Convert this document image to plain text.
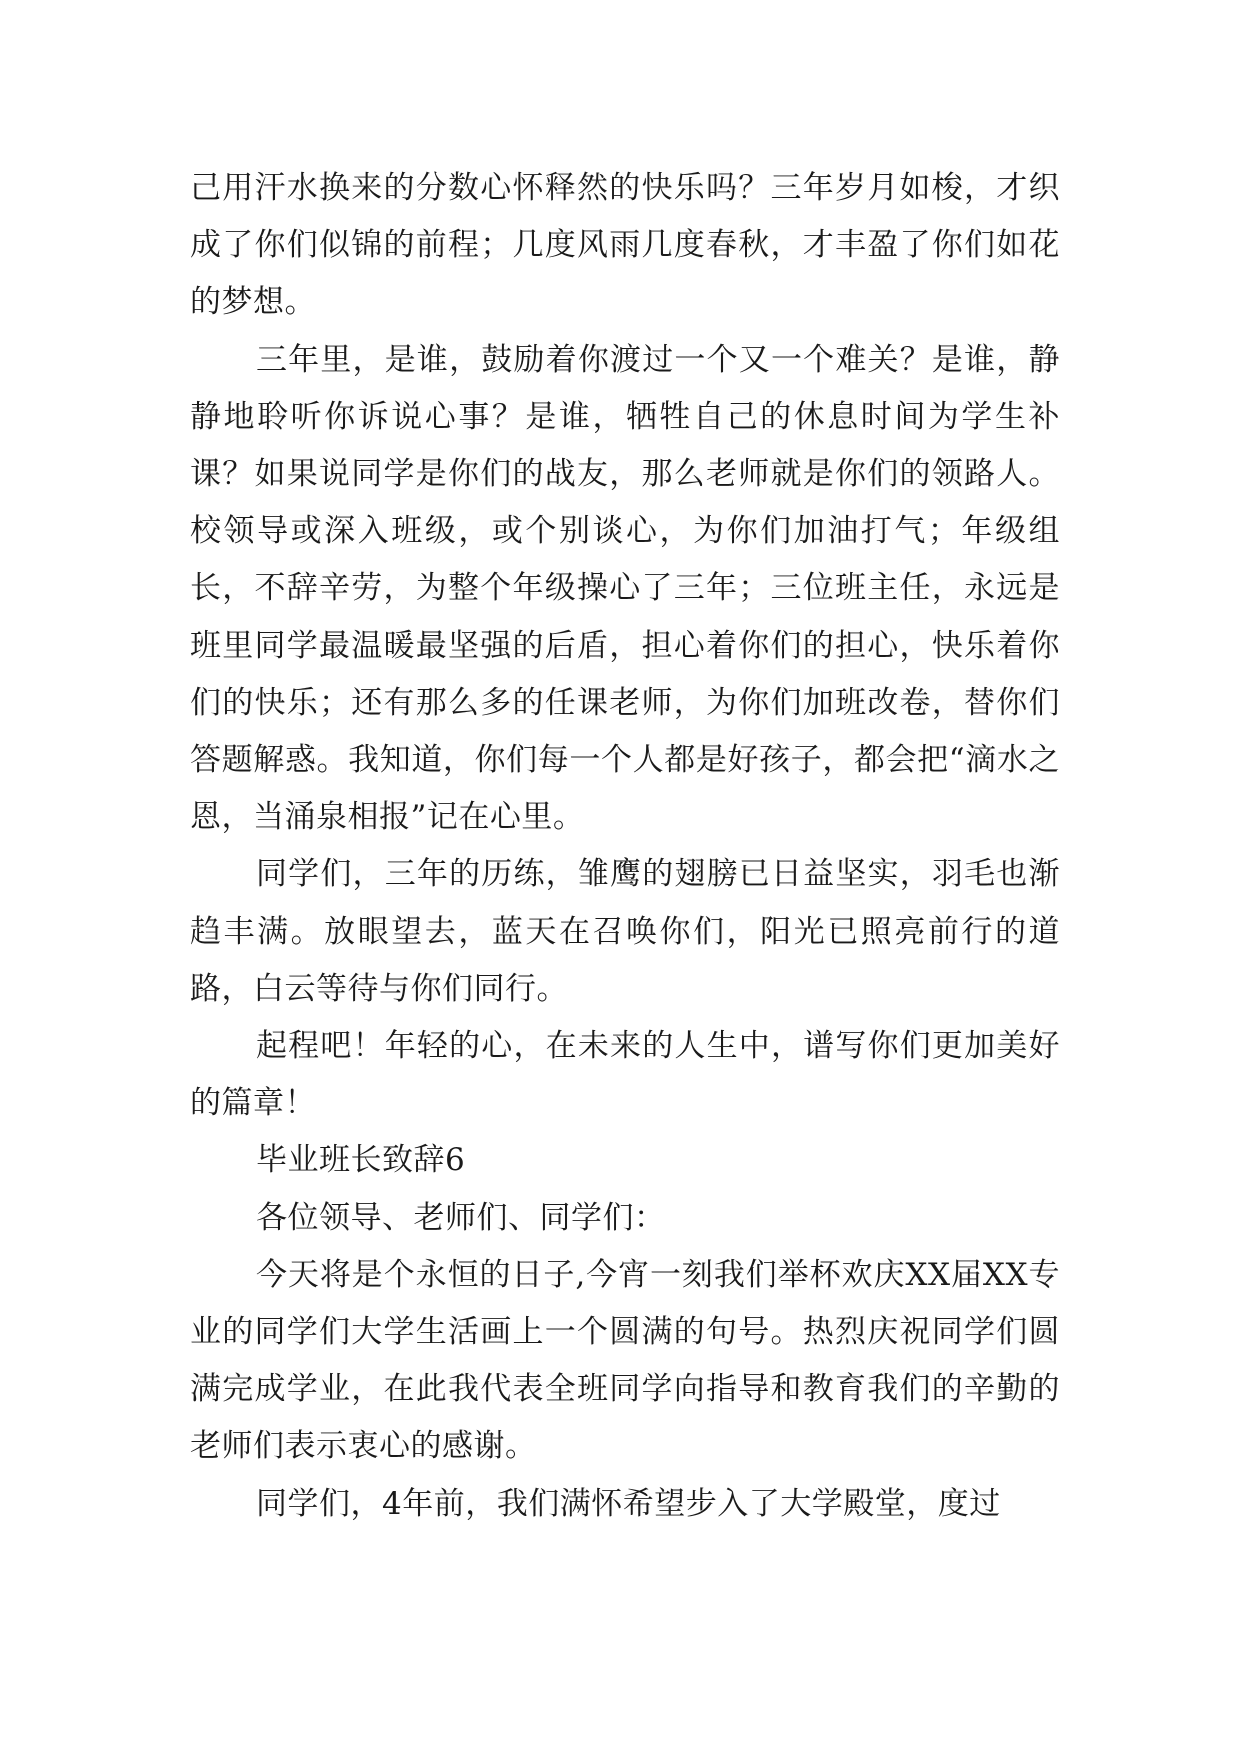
己用汗水换来的分数心怀释然的快乐吗？三年岁月如梭，才织成了你们似锦的前程；几度风雨几度春秋，才丰盈了你们如花的梦想。

三年里，是谁，鼓励着你渡过一个又一个难关？是谁，静静地聆听你诉说心事？是谁，牺牲自己的休息时间为学生补课？如果说同学是你们的战友，那么老师就是你们的领路人。校领导或深入班级，或个别谈心，为你们加油打气；年级组长，不辞辛劳，为整个年级操心了三年；三位班主任，永远是班里同学最温暖最坚强的后盾，担心着你们的担心，快乐着你们的快乐；还有那么多的任课老师，为你们加班改卷，替你们答题解惑。我知道，你们每一个人都是好孩子，都会把“滴水之恩，当涌泉相报”记在心里。

同学们，三年的历练，雏鹰的翅膀已日益坚实，羽毛也渐趋丰满。放眼望去，蓝天在召唤你们，阳光已照亮前行的道路，白云等待与你们同行。

起程吧！年轻的心，在未来的人生中，谱写你们更加美好的篇章！

毕业班长致辞6

各位领导、老师们、同学们：

今天将是个永恒的日子,今宵一刻我们举杯欢庆XX届XX专业的同学们大学生活画上一个圆满的句号。热烈庆祝同学们圆满完成学业，在此我代表全班同学向指导和教育我们的辛勤的老师们表示衷心的感谢。

同学们，4年前，我们满怀希望步入了大学殿堂，度过
